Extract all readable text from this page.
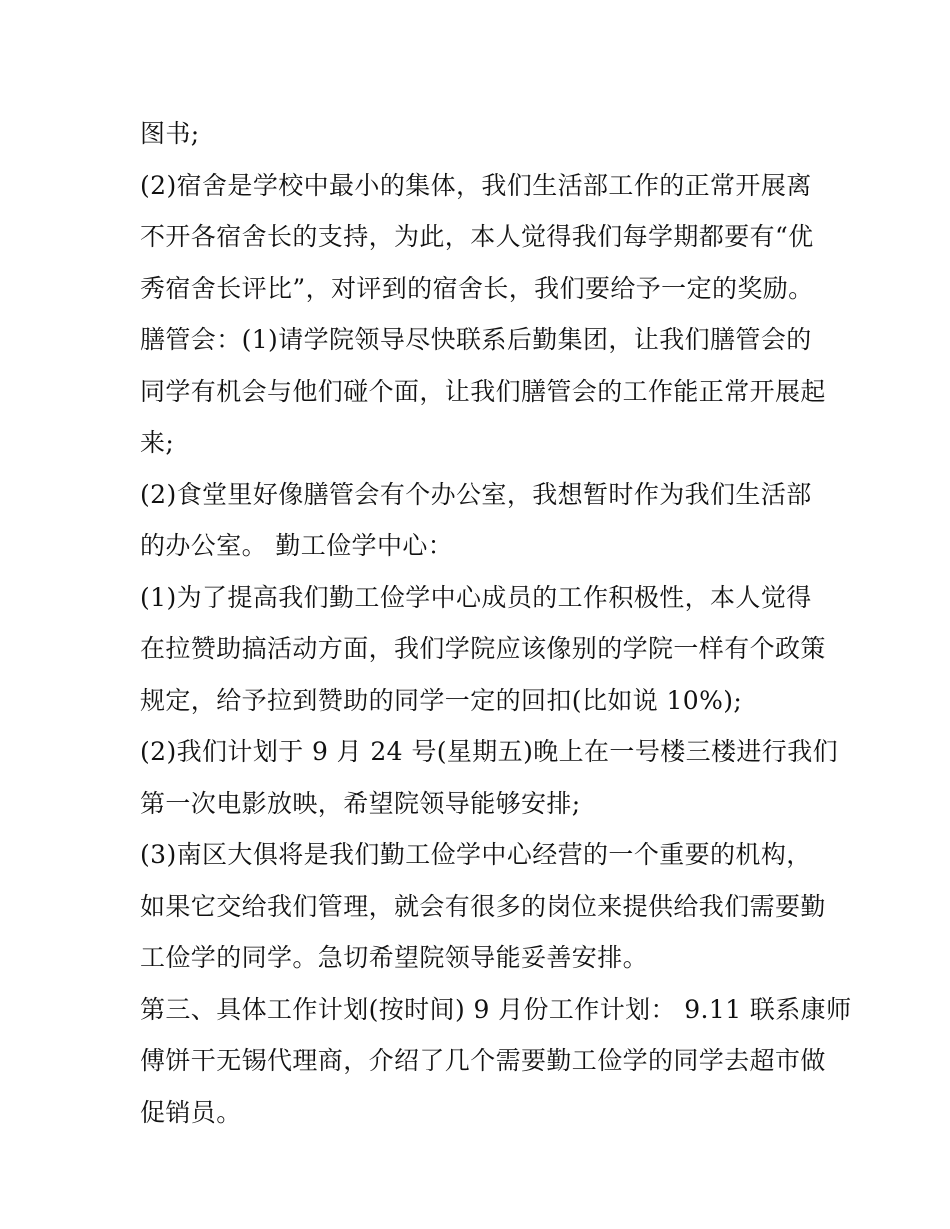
图书;
(2)宿舍是学校中最小的集体，我们生活部工作的正常开展离
不开各宿舍长的支持，为此，本人觉得我们每学期都要有“优
秀宿舍长评比”，对评到的宿舍长，我们要给予一定的奖励。
膳管会：(1)请学院领导尽快联系后勤集团，让我们膳管会的
同学有机会与他们碰个面，让我们膳管会的工作能正常开展起
来;
(2)食堂里好像膳管会有个办公室，我想暂时作为我们生活部
的办公室。 勤工俭学中心：
(1)为了提高我们勤工俭学中心成员的工作积极性，本人觉得
在拉赞助搞活动方面，我们学院应该像别的学院一样有个政策
规定，给予拉到赞助的同学一定的回扣(比如说 10%);
(2)我们计划于 9 月 24 号(星期五)晚上在一号楼三楼进行我们
第一次电影放映，希望院领导能够安排;
(3)南区大俱将是我们勤工俭学中心经营的一个重要的机构，
如果它交给我们管理，就会有很多的岗位来提供给我们需要勤
工俭学的同学。急切希望院领导能妥善安排。
第三、具体工作计划(按时间) 9 月份工作计划： 9.11 联系康师
傅饼干无锡代理商，介绍了几个需要勤工俭学的同学去超市做
促销员。
